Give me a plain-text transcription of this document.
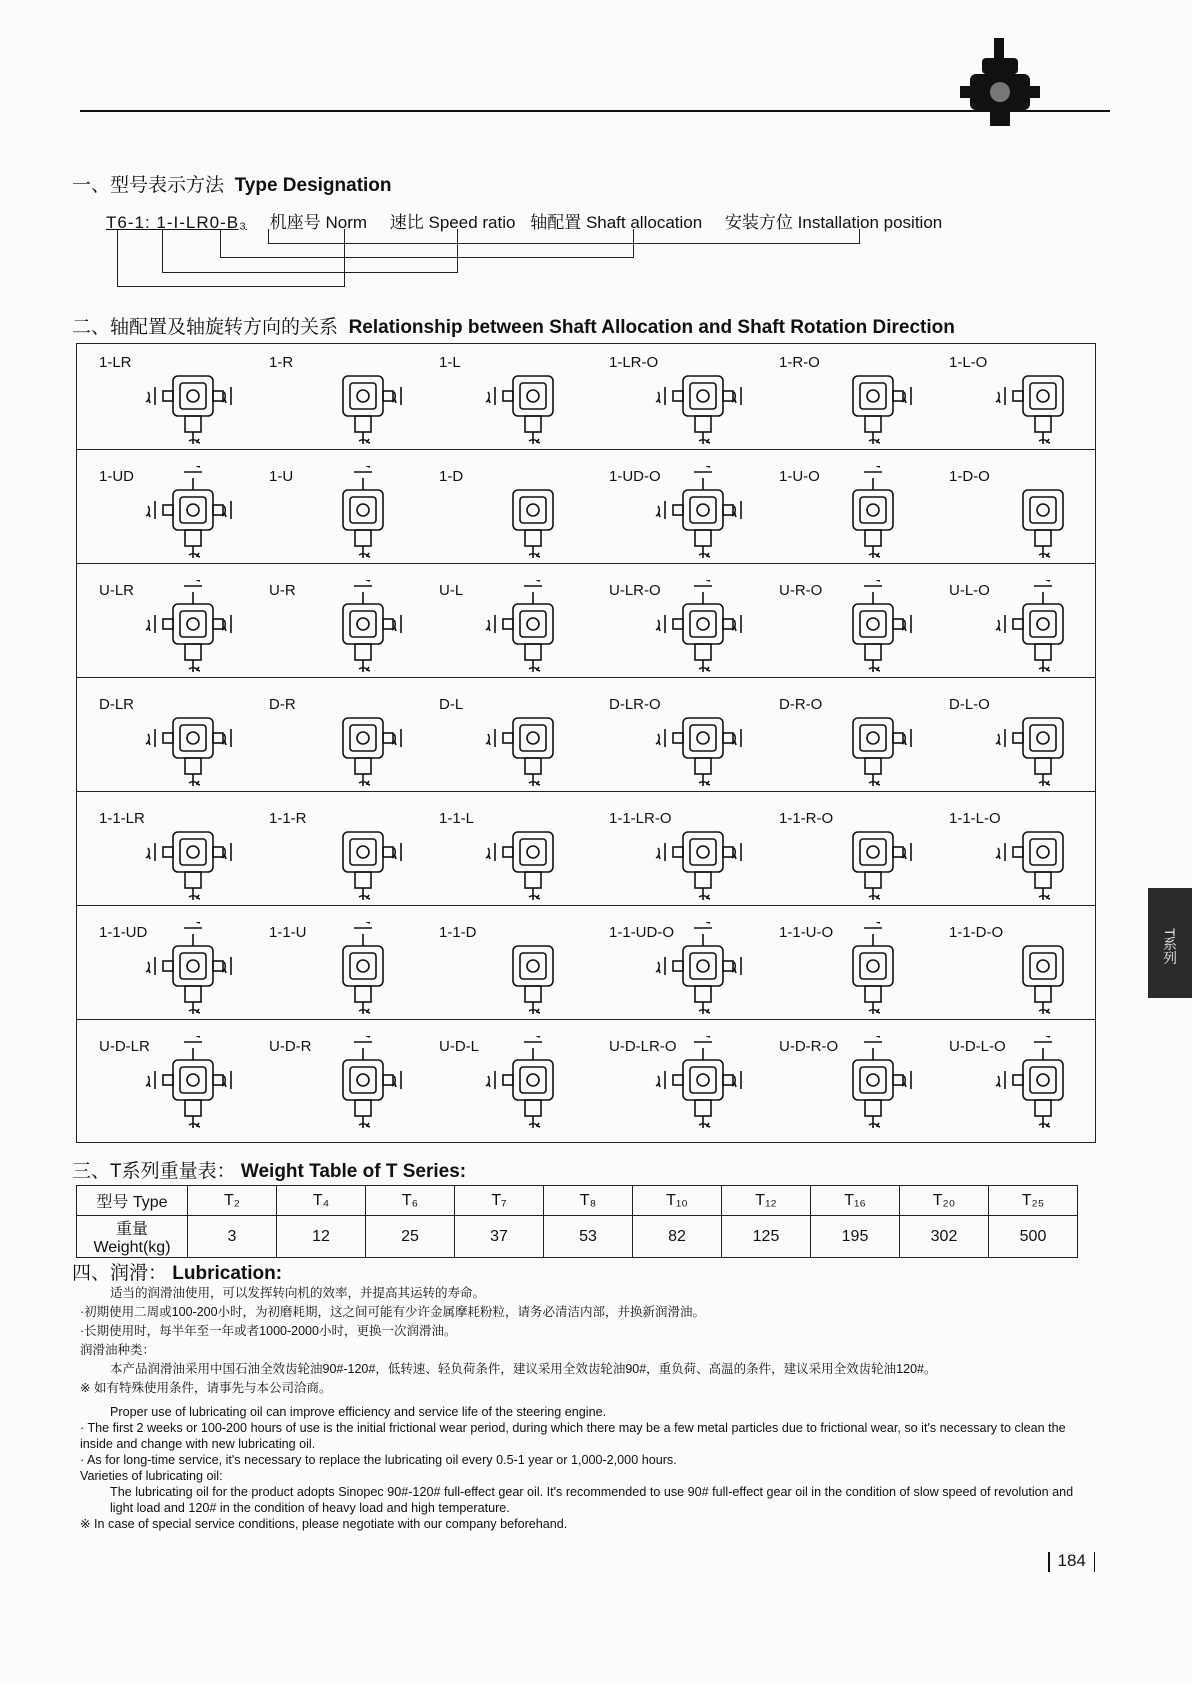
一、型号表示方法 Type Designation
T6-1: 1-I-LR0-B₃ 机座号 Norm 速比 Speed ratio 轴配置 Shaft allocation 安装方位 Installation position
二、轴配置及轴旋转方向的关系 Relationship between Shaft Allocation and Shaft Rotation Direction
1-LR	1-R	1-L	1-LR-O	1-R-O	1-L-O
1-UD	1-U	1-D	1-UD-O	1-U-O	1-D-O
U-LR	U-R	U-L	U-LR-O	U-R-O	U-L-O
D-LR	D-R	D-L	D-LR-O	D-R-O	D-L-O
1-1-LR	1-1-R	1-1-L	1-1-LR-O	1-1-R-O	1-1-L-O
1-1-UD	1-1-U	1-1-D	1-1-UD-O	1-1-U-O	1-1-D-O
U-D-LR	U-D-R	U-D-L	U-D-LR-O	U-D-R-O	U-D-L-O
三、T系列重量表： Weight Table of T Series:
型号 Type	T₂	T₄	T₆	T₇	T₈	T₁₀	T₁₂	T₁₆	T₂₀	T₂₅
重量 Weight(kg)	3	12	25	37	53	82	125	195	302	500
四、润滑： Lubrication:

适当的润滑油使用，可以发挥转向机的效率，并提高其运转的寿命。

·初期使用二周或100-200小时，为初磨耗期，这之间可能有少许金属摩耗粉粒，请务必清洁内部，并换新润滑油。

·长期使用时，每半年至一年或者1000-2000小时，更换一次润滑油。

润滑油种类：

本产品润滑油采用中国石油全效齿轮油90#-120#，低转速、轻负荷条件，建议采用全效齿轮油90#，重负荷、高温的条件，建议采用全效齿轮油120#。

※ 如有特殊使用条件，请事先与本公司洽商。

Proper use of lubricating oil can improve efficiency and service life of the steering engine.

· The first 2 weeks or 100-200 hours of use is the initial frictional wear period, during which there may be a few metal particles due to frictional wear, so it's necessary to clean the inside and change with new lubricating oil.

· As for long-time service, it's necessary to replace the lubricating oil every 0.5-1 year or 1,000-2,000 hours.

Varieties of lubricating oil:

The lubricating oil for the product adopts Sinopec 90#-120# full-effect gear oil. It's recommended to use 90# full-effect gear oil in the condition of slow speed of revolution and light load and 120# in the condition of heavy load and high temperature.

※ In case of special service conditions, please negotiate with our company beforehand.

T系列
184
